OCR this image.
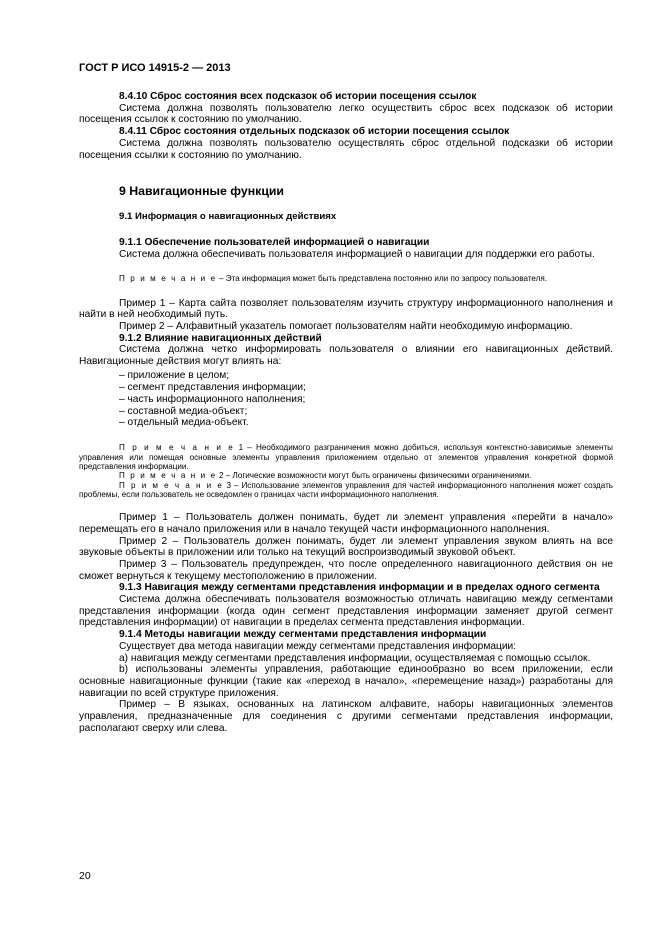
ГОСТ Р ИСО 14915-2 — 2013

8.4.10 Сброс состояния всех подсказок об истории посещения ссылок

Система должна позволять пользователю легко осуществить сброс всех подсказок об истории посещения ссылок к состоянию по умолчанию.

8.4.11 Сброс состояния отдельных подсказок об истории посещения ссылок

Система должна позволять пользователю осуществлять сброс отдельной подсказки об истории посещения ссылки к состоянию по умолчанию.

9 Навигационные функции
9.1 Информация о навигационных действиях

9.1.1 Обеспечение пользователей информацией о навигации

Система должна обеспечивать пользователя информацией о навигации для поддержки его работы.

П р и м е ч а н и е – Эта информация может быть представлена постоянно или по запросу пользователя.

Пример 1 – Карта сайта позволяет пользователям изучить структуру информационного наполнения и найти в ней необходимый путь.

Пример 2 – Алфавитный указатель помогает пользователям найти необходимую информацию.

9.1.2 Влияние навигационных действий

Система должна четко информировать пользователя о влиянии его навигационных действий. Навигационные действия могут влиять на:

– приложение в целом;
– сегмент представления информации;
– часть информационного наполнения;
– составной медиа-объект;
– отдельный медиа-объект.

П р и м е ч а н и е 1 – Необходимого разграничения можно добиться, используя контекстно-зависимые элементы управления или помещая основные элементы управления приложением отдельно от элементов управления конкретной формой представления информации.

П р и м е ч а н и е 2 – Логические возможности могут быть ограничены физическими ограничениями.

П р и м е ч а н и е 3 – Использование элементов управления для частей информационного наполнения может создать проблемы, если пользователь не осведомлен о границах части информационного наполнения.

Пример 1 – Пользователь должен понимать, будет ли элемент управления «перейти в начало» перемещать его в начало приложения или в начало текущей части информационного наполнения.

Пример 2 – Пользователь должен понимать, будет ли элемент управления звуком влиять на все звуковые объекты в приложении или только на текущий воспроизводимый звуковой объект.

Пример 3 – Пользователь предупрежден, что после определенного навигационного действия он не сможет вернуться к текущему местоположению в приложении.

9.1.3 Навигация между сегментами представления информации и в пределах одного сегмента

Система должна обеспечивать пользователя возможностью отличать навигацию между сегментами представления информации (когда один сегмент представления информации заменяет другой сегмент представления информации) от навигации в пределах сегмента представления информации.

9.1.4 Методы навигации между сегментами представления информации

Существует два метода навигации между сегментами представления информации:

а) навигация между сегментами представления информации, осуществляемая с помощью ссылок.

b) использованы элементы управления, работающие единообразно во всем приложении, если основные навигационные функции (такие как «переход в начало», «перемещение назад») разработаны для навигации по всей структуре приложения.

Пример – В языках, основанных на латинском алфавите, наборы навигационных элементов управления, предназначенные для соединения с другими сегментами представления информации, располагают сверху или слева.

20
